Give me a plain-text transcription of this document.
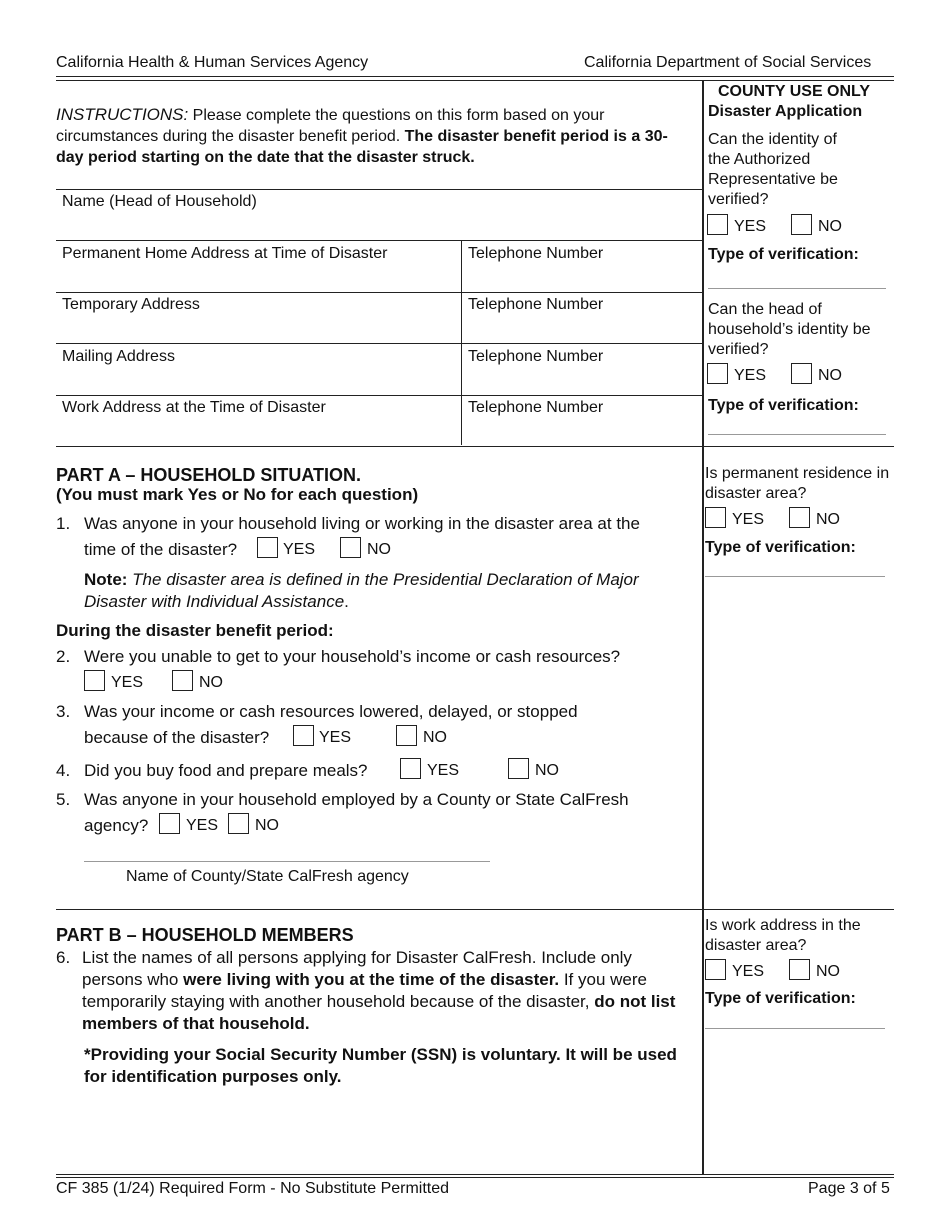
California Health & Human Services Agency	California Department of Social Services
INSTRUCTIONS: Please complete the questions on this form based on your circumstances during the disaster benefit period. The disaster benefit period is a 30-day period starting on the date that the disaster struck.
Name (Head of Household)
Permanent Home Address at Time of Disaster	Telephone Number
Temporary Address	Telephone Number
Mailing Address	Telephone Number
Work Address at the Time of Disaster	Telephone Number
COUNTY USE ONLY
Disaster Application
Can the identity of the Authorized Representative be verified?
YES	NO
Type of verification:
Can the head of household’s identity be verified?
YES	NO
Type of verification:
PART A – HOUSEHOLD SITUATION.
(You must mark Yes or No for each question)
1. Was anyone in your household living or working in the disaster area at the
time of the disaster?	YES	NO
Note: The disaster area is defined in the Presidential Declaration of Major Disaster with Individual Assistance.
During the disaster benefit period:
2. Were you unable to get to your household’s income or cash resources?
YES	NO
3. Was your income or cash resources lowered, delayed, or stopped
because of the disaster?	YES	NO
4. Did you buy food and prepare meals?	YES	NO
5. Was anyone in your household employed by a County or State CalFresh
agency? YES NO
Name of County/State CalFresh agency
Is permanent residence in disaster area?
YES	NO
Type of verification:
PART B – HOUSEHOLD MEMBERS
6. List the names of all persons applying for Disaster CalFresh. Include only persons who were living with you at the time of the disaster. If you were temporarily staying with another household because of the disaster, do not list members of that household.
*Providing your Social Security Number (SSN) is voluntary. It will be used for identification purposes only.
Is work address in the disaster area?
YES	NO
Type of verification:
CF 385 (1/24) Required Form - No Substitute Permitted	Page 3 of 5
